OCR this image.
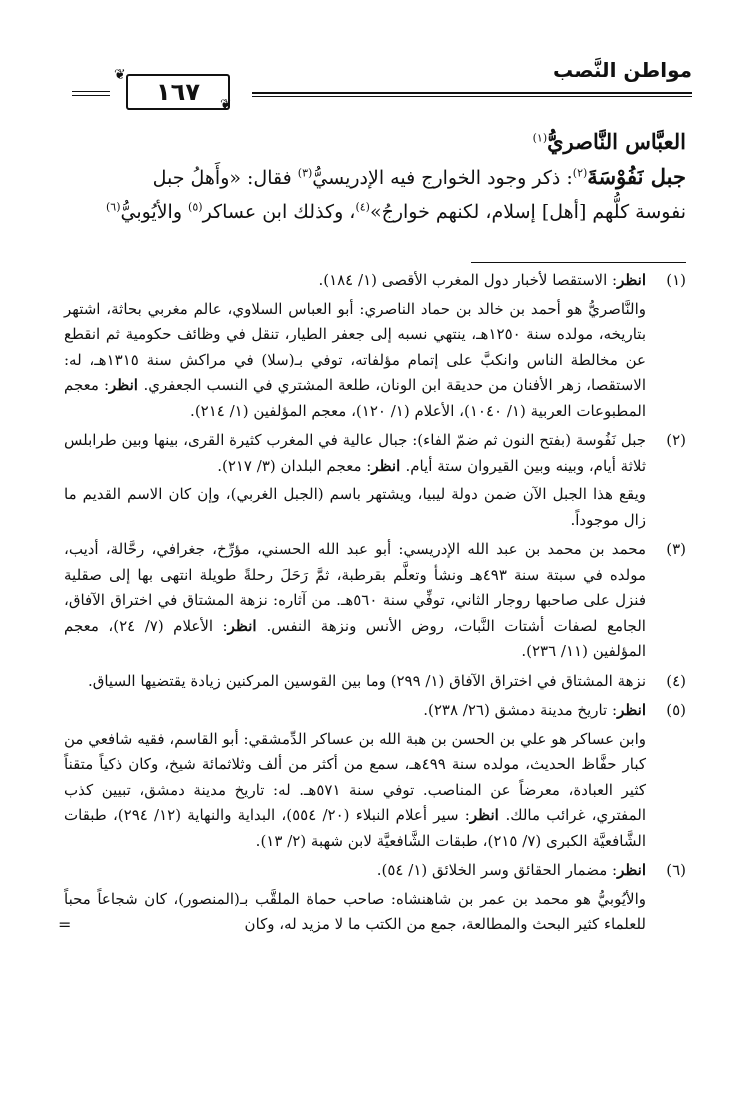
مواطن النَّصب
١٦٧
❦
❦

العبَّاس النَّاصريُّ$^{(١)}$

جبل نَفُوْسَةَ$^{(٢)}$: ذكر وجود الخوارج فيه الإدريسيُّ$^{(٣)}$ فقال: «وأَهلُ جبل

نفوسة كلُّهم [أهل] إسلام، لكنهم خوارجُ»$^{(٤)}$، وكذلك ابن عساكر$^{(٥)}$ والأيُوبيُّ$^{(٦)}$

(١)

انظر: الاستقصا لأخبار دول المغرب الأقصى (١/ ١٨٤).

والنَّاصريُّ هو أحمد بن خالد بن حماد الناصري: أبو العباس السلاوي، عالم مغربي بحاثة، اشتهر بتاريخه، مولده سنة ١٢٥٠هـ، ينتهي نسبه إلى جعفر الطيار، تنقل في وظائف حكومية ثم انقطع عن مخالطة الناس وانكبَّ على إتمام مؤلفاته، توفي بـ(سلا) في مراكش سنة ١٣١٥هـ، له: الاستقصا، زهر الأفنان من حديقة ابن الونان، طلعة المشتري في النسب الجعفري. انظر: معجم المطبوعات العربية (١/ ١٠٤٠)، الأعلام (١/ ١٢٠)، معجم المؤلفين (١/ ٢١٤).

(٢)

جبل نَفُوسة (بفتح النون ثم ضمّ الفاء): جبال عالية في المغرب كثيرة القرى، بينها وبين طرابلس ثلاثة أيام، وبينه وبين القيروان ستة أيام. انظر: معجم البلدان (٣/ ٢١٧).

ويقع هذا الجبل الآن ضمن دولة ليبيا، ويشتهر باسم (الجبل الغربي)، وإن كان الاسم القديم ما زال موجوداً.

(٣)

محمد بن محمد بن عبد الله الإدريسي: أبو عبد الله الحسني، مؤرِّخ، جغرافي، رحَّالة، أديب، مولده في سبتة سنة ٤٩٣هـ ونشأ وتعلَّم بقرطبة، ثمَّ رَحَلَ رحلةً طويلة انتهى بها إلى صقلية فنزل على صاحبها روجار الثاني، توفِّي سنة ٥٦٠هـ. من آثاره: نزهة المشتاق في اختراق الآفاق، الجامع لصفات أشتات النَّبات، روض الأنس ونزهة النفس. انظر: الأعلام (٧/ ٢٤)، معجم المؤلفين (١١/ ٢٣٦).

(٤)

نزهة المشتاق في اختراق الآفاق (١/ ٢٩٩) وما بين القوسين المركنين زيادة يقتضيها السياق.

(٥)

انظر: تاريخ مدينة دمشق (٢٦/ ٢٣٨).

وابن عساكر هو علي بن الحسن بن هبة الله بن عساكر الدِّمشقي: أبو القاسم، فقيه شافعي من كبار حفَّاظ الحديث، مولده سنة ٤٩٩هـ، سمع من أكثر من ألف وثلاثمائة شيخ، وكان ذكياً متقناً كثير العبادة، معرضاً عن المناصب. توفي سنة ٥٧١هـ. له: تاريخ مدينة دمشق، تبيين كذب المفتري، غرائب مالك. انظر: سير أعلام النبلاء (٢٠/ ٥٥٤)، البداية والنهاية (١٢/ ٢٩٤)، طبقات الشَّافعيَّة الكبرى (٧/ ٢١٥)، طبقات الشَّافعيَّة لابن شهبة (٢/ ١٣).

(٦)

انظر: مضمار الحقائق وسر الخلائق (١/ ٥٤).

والأيُوبيُّ هو محمد بن عمر بن شاهنشاه: صاحب حماة الملقَّب بـ(المنصور)، كان شجاعاً محباً للعلماء كثير البحث والمطالعة، جمع من الكتب ما لا مزيد له، وكان

=
